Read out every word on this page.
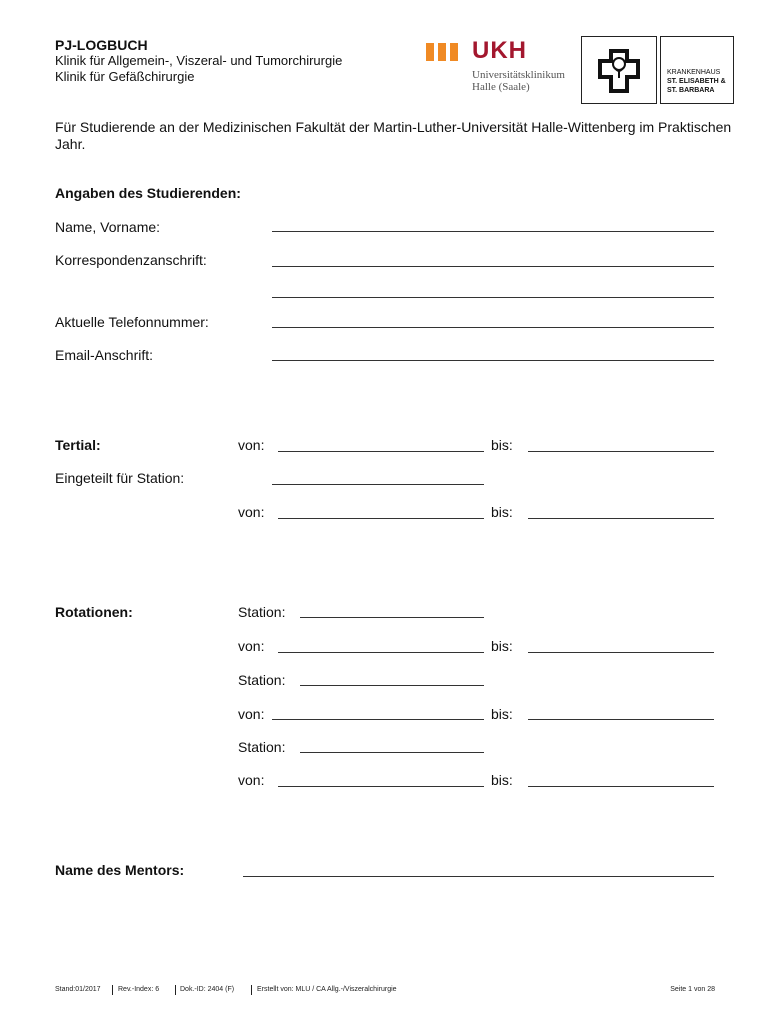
PJ-LOGBUCH
Klinik für Allgemein-, Viszeral- und Tumorchirurgie
Klinik für Gefäßchirurgie
UKH
Universitätsklinikum
Halle (Saale)
KRANKENHAUS
ST. ELISABETH &
ST. BARBARA
Für Studierende an der Medizinischen Fakultät der Martin-Luther-Universität Halle-Wittenberg im Praktischen Jahr.
Angaben des Studierenden:
Name, Vorname:
Korrespondenzanschrift:
Aktuelle Telefonnummer:
Email-Anschrift:
Tertial:	von:	bis:
Eingeteilt für Station:
von:	bis:
Rotationen:	Station:
von:	bis:
Station:
von:	bis:
Station:
von:	bis:
Name des Mentors:
Stand:01/2017 Rev.-Index: 6	Dok.-ID: 2404 (F)	Erstellt von: MLU / CA Allg.-/Viszeralchirurgie	Seite 1 von 28
